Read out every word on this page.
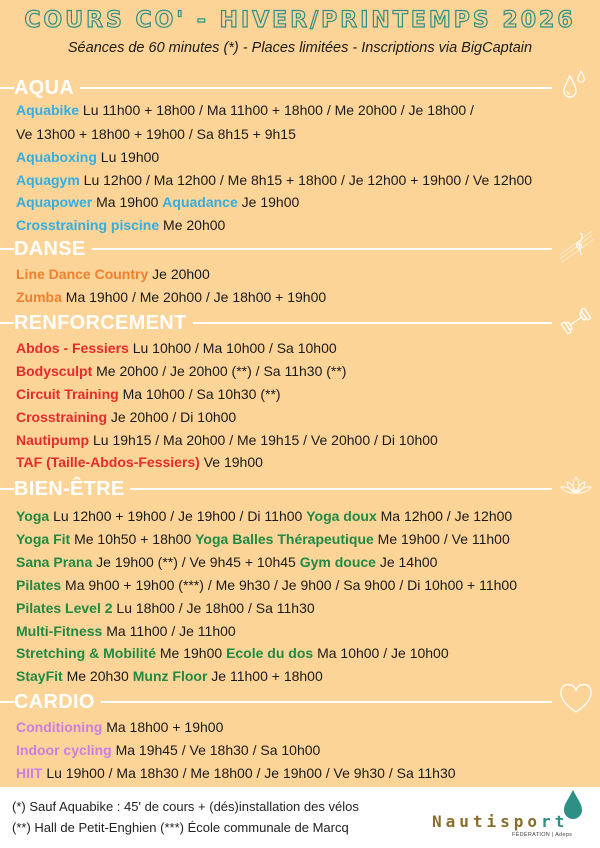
COURS CO' - HIVER/PRINTEMPS 2026
Séances de 60 minutes (*) - Places limitées - Inscriptions via BigCaptain
AQUA
Aquabike Lu 11h00 + 18h00 / Ma 11h00 + 18h00 / Me 20h00 / Je 18h00 /
Ve 13h00 + 18h00 + 19h00 / Sa 8h15 + 9h15
Aquaboxing Lu 19h00
Aquagym Lu 12h00 / Ma 12h00 / Me 8h15 + 18h00 / Je 12h00 + 19h00 / Ve 12h00
Aquapower Ma 19h00 Aquadance Je 19h00
Crosstraining piscine Me 20h00
DANSE
Line Dance Country Je 20h00
Zumba Ma 19h00 / Me 20h00 / Je 18h00 + 19h00
RENFORCEMENT
Abdos - Fessiers Lu 10h00 / Ma 10h00 / Sa 10h00
Bodysculpt Me 20h00 / Je 20h00 (**) / Sa 11h30 (**)
Circuit Training Ma 10h00 / Sa 10h30 (**)
Crosstraining Je 20h00 / Di 10h00
Nautipump Lu 19h15 / Ma 20h00 / Me 19h15 / Ve 20h00 / Di 10h00
TAF (Taille-Abdos-Fessiers) Ve 19h00
BIEN-ÊTRE
Yoga Lu 12h00 + 19h00 / Je 19h00 / Di 11h00 Yoga doux Ma 12h00 / Je 12h00
Yoga Fit Me 10h50 + 18h00 Yoga Balles Thérapeutique Me 19h00 / Ve 11h00
Sana Prana Je 19h00 (**) / Ve 9h45 + 10h45 Gym douce Je 14h00
Pilates Ma 9h00 + 19h00 (***) / Me 9h30 / Je 9h00 / Sa 9h00 / Di 10h00 + 11h00
Pilates Level 2 Lu 18h00 / Je 18h00 / Sa 11h30
Multi-Fitness Ma 11h00 / Je 11h00
Stretching & Mobilité Me 19h00 Ecole du dos Ma 10h00 / Je 10h00
StayFit Me 20h30 Munz Floor Je 11h00 + 18h00
CARDIO
Conditioning Ma 18h00 + 19h00
Indoor cycling Ma 19h45 / Ve 18h30 / Sa 10h00
HIIT Lu 19h00 / Ma 18h30 / Me 18h00 / Je 19h00 / Ve 9h30 / Sa 11h30
(*) Sauf Aquabike : 45' de cours + (dés)installation des vélos
(**) Hall de Petit-Enghien (***) École communale de Marcq	Nautisport
FÉDÉRATION | Adeps
